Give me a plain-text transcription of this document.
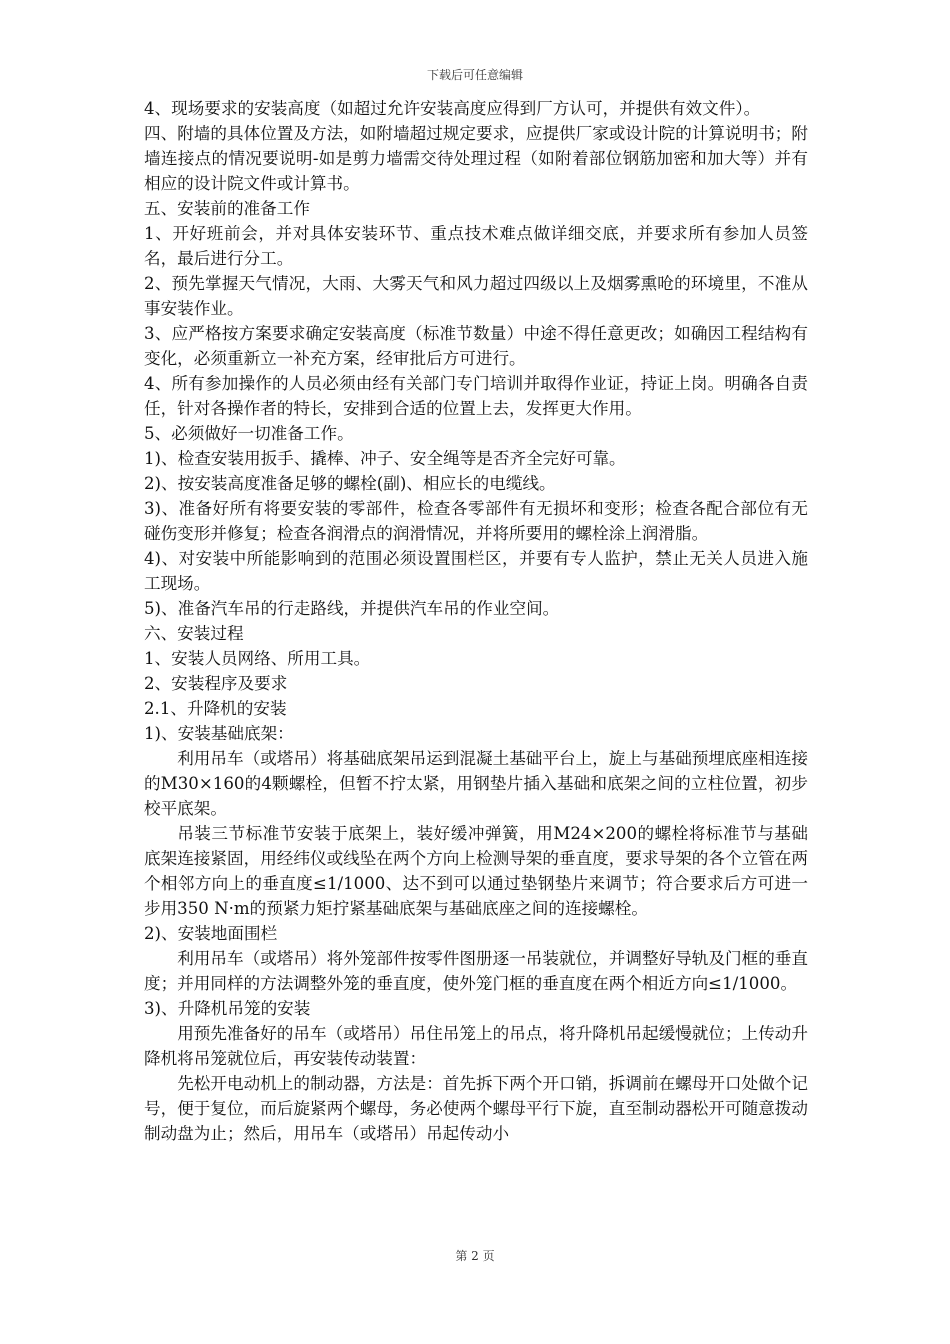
下载后可任意编辑

4、现场要求的安装高度（如超过允许安装高度应得到厂方认可，并提供有效文件）。

四、附墙的具体位置及方法，如附墙超过规定要求，应提供厂家或设计院的计算说明书；附墙连接点的情况要说明-如是剪力墙需交待处理过程（如附着部位钢筋加密和加大等）并有相应的设计院文件或计算书。

五、安装前的准备工作

1、开好班前会，并对具体安装环节、重点技术难点做详细交底，并要求所有参加人员签名，最后进行分工。

2、预先掌握天气情况，大雨、大雾天气和风力超过四级以上及烟雾熏呛的环境里，不准从事安装作业。

3、应严格按方案要求确定安装高度（标准节数量）中途不得任意更改；如确因工程结构有变化，必须重新立一补充方案，经审批后方可进行。

4、所有参加操作的人员必须由经有关部门专门培训并取得作业证，持证上岗。明确各自责任，针对各操作者的特长，安排到合适的位置上去，发挥更大作用。

5、必须做好一切准备工作。

1)、检查安装用扳手、撬棒、冲子、安全绳等是否齐全完好可靠。

2)、按安装高度准备足够的螺栓(副)、相应长的电缆线。

3)、准备好所有将要安装的零部件，检查各零部件有无损坏和变形；检查各配合部位有无碰伤变形并修复；检查各润滑点的润滑情况，并将所要用的螺栓涂上润滑脂。

4)、对安装中所能影响到的范围必须设置围栏区，并要有专人监护，禁止无关人员进入施工现场。

5)、准备汽车吊的行走路线，并提供汽车吊的作业空间。

六、安装过程

1、安装人员网络、所用工具。

2、安装程序及要求

2.1、升降机的安装

1)、安装基础底架：

利用吊车（或塔吊）将基础底架吊运到混凝土基础平台上，旋上与基础预埋底座相连接的M30×160的4颗螺栓，但暂不拧太紧，用钢垫片插入基础和底架之间的立柱位置，初步校平底架。

吊装三节标准节安装于底架上，装好缓冲弹簧，用M24×200的螺栓将标准节与基础底架连接紧固，用经纬仪或线坠在两个方向上检测导架的垂直度，要求导架的各个立管在两个相邻方向上的垂直度≤1/1000、达不到可以通过垫钢垫片来调节；符合要求后方可进一步用350 N·m的预紧力矩拧紧基础底架与基础底座之间的连接螺栓。

2)、安装地面围栏

利用吊车（或塔吊）将外笼部件按零件图册逐一吊装就位，并调整好导轨及门框的垂直度；并用同样的方法调整外笼的垂直度，使外笼门框的垂直度在两个相近方向≤1/1000。

3)、升降机吊笼的安装

用预先准备好的吊车（或塔吊）吊住吊笼上的吊点，将升降机吊起缓慢就位；上传动升降机将吊笼就位后，再安装传动装置：

先松开电动机上的制动器，方法是：首先拆下两个开口销，拆调前在螺母开口处做个记号，便于复位，而后旋紧两个螺母，务必使两个螺母平行下旋，直至制动器松开可随意拨动制动盘为止；然后，用吊车（或塔吊）吊起传动小

第 2 页
